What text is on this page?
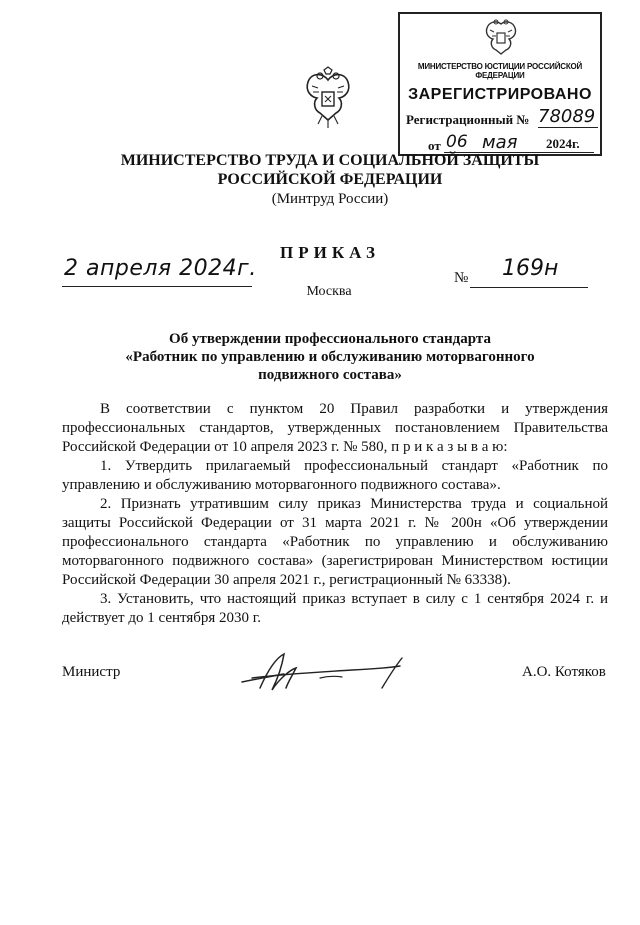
МИНИСТЕРСТВО ЮСТИЦИИ РОССИЙСКОЙ ФЕДЕРАЦИИ
ЗАРЕГИСТРИРОВАНО
Регистрационный № 78089
от 06 мая 2024г.
МИНИСТЕРСТВО ТРУДА И СОЦИАЛЬНОЙ ЗАЩИТЫ
РОССИЙСКОЙ ФЕДЕРАЦИИ
(Минтруд России)
ПРИКАЗ
2 апреля 2024г.	№ 169н
Москва
Об утверждении профессионального стандарта
«Работник по управлению и обслуживанию моторвагонного
подвижного состава»

В соответствии с пунктом 20 Правил разработки и утверждения профессиональных стандартов, утвержденных постановлением Правительства Российской Федерации от 10 апреля 2023 г. № 580, п р и к а з ы в а ю:

1. Утвердить прилагаемый профессиональный стандарт «Работник по управлению и обслуживанию моторвагонного подвижного состава».

2. Признать утратившим силу приказ Министерства труда и социальной защиты Российской Федерации от 31 марта 2021 г. № 200н «Об утверждении профессионального стандарта «Работник по управлению и обслуживанию моторвагонного подвижного состава» (зарегистрирован Министерством юстиции Российской Федерации 30 апреля 2021 г., регистрационный № 63338).

3. Установить, что настоящий приказ вступает в силу с 1 сентября 2024 г. и действует до 1 сентября 2030 г.

Министр	А.О. Котяков
